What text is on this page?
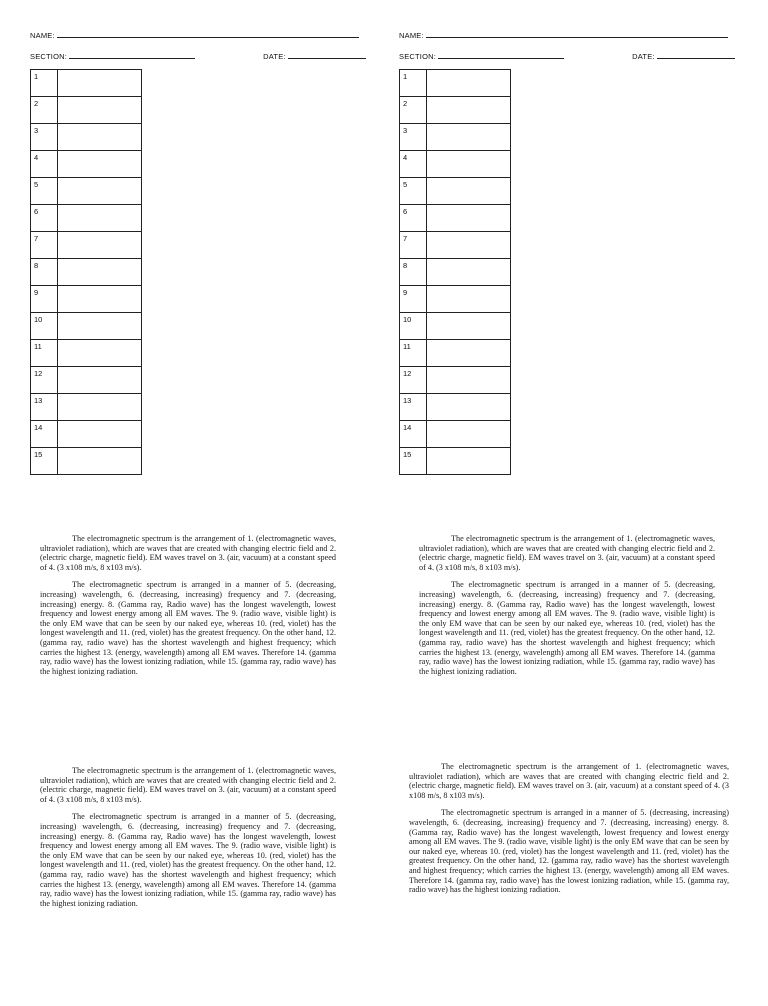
NAME:
SECTION:	DATE:
1	
2	
3	
4	
5	
6	
7	
8	
9	
10	
11	
12	
13	
14	
15	

The electromagnetic spectrum is the arrangement of 1. (electromagnetic waves, ultraviolet radiation), which are waves that are created with changing electric field and 2. (electric charge, magnetic field). EM waves travel on 3. (air, vacuum) at a constant speed of 4. (3 x108 m/s, 8 x103 m/s).

The electromagnetic spectrum is arranged in a manner of 5. (decreasing, increasing) wavelength, 6. (decreasing, increasing) frequency and 7. (decreasing, increasing) energy. 8. (Gamma ray, Radio wave) has the longest wavelength, lowest frequency and lowest energy among all EM waves. The 9. (radio wave, visible light) is the only EM wave that can be seen by our naked eye, whereas 10. (red, violet) has the longest wavelength and 11. (red, violet) has the greatest frequency. On the other hand, 12. (gamma ray, radio wave) has the shortest wavelength and highest frequency; which carries the highest 13. (energy, wavelength) among all EM waves. Therefore 14. (gamma ray, radio wave) has the lowest ionizing radiation, while 15. (gamma ray, radio wave) has the highest ionizing radiation.

The electromagnetic spectrum is the arrangement of 1. (electromagnetic waves, ultraviolet radiation), which are waves that are created with changing electric field and 2. (electric charge, magnetic field). EM waves travel on 3. (air, vacuum) at a constant speed of 4. (3 x108 m/s, 8 x103 m/s).

The electromagnetic spectrum is arranged in a manner of 5. (decreasing, increasing) wavelength, 6. (decreasing, increasing) frequency and 7. (decreasing, increasing) energy. 8. (Gamma ray, Radio wave) has the longest wavelength, lowest frequency and lowest energy among all EM waves. The 9. (radio wave, visible light) is the only EM wave that can be seen by our naked eye, whereas 10. (red, violet) has the longest wavelength and 11. (red, violet) has the greatest frequency. On the other hand, 12. (gamma ray, radio wave) has the shortest wavelength and highest frequency; which carries the highest 13. (energy, wavelength) among all EM waves. Therefore 14. (gamma ray, radio wave) has the lowest ionizing radiation, while 15. (gamma ray, radio wave) has the highest ionizing radiation.

NAME:
SECTION:	DATE:
1	
2	
3	
4	
5	
6	
7	
8	
9	
10	
11	
12	
13	
14	
15	

The electromagnetic spectrum is the arrangement of 1. (electromagnetic waves, ultraviolet radiation), which are waves that are created with changing electric field and 2. (electric charge, magnetic field). EM waves travel on 3. (air, vacuum) at a constant speed of 4. (3 x108 m/s, 8 x103 m/s).

The electromagnetic spectrum is arranged in a manner of 5. (decreasing, increasing) wavelength, 6. (decreasing, increasing) frequency and 7. (decreasing, increasing) energy. 8. (Gamma ray, Radio wave) has the longest wavelength, lowest frequency and lowest energy among all EM waves. The 9. (radio wave, visible light) is the only EM wave that can be seen by our naked eye, whereas 10. (red, violet) has the longest wavelength and 11. (red, violet) has the greatest frequency. On the other hand, 12. (gamma ray, radio wave) has the shortest wavelength and highest frequency; which carries the highest 13. (energy, wavelength) among all EM waves. Therefore 14. (gamma ray, radio wave) has the lowest ionizing radiation, while 15. (gamma ray, radio wave) has the highest ionizing radiation.

The electromagnetic spectrum is the arrangement of 1. (electromagnetic waves, ultraviolet radiation), which are waves that are created with changing electric field and 2. (electric charge, magnetic field). EM waves travel on 3. (air, vacuum) at a constant speed of 4. (3 x108 m/s, 8 x103 m/s).

The electromagnetic spectrum is arranged in a manner of 5. (decreasing, increasing) wavelength, 6. (decreasing, increasing) frequency and 7. (decreasing, increasing) energy. 8. (Gamma ray, Radio wave) has the longest wavelength, lowest frequency and lowest energy among all EM waves. The 9. (radio wave, visible light) is the only EM wave that can be seen by our naked eye, whereas 10. (red, violet) has the longest wavelength and 11. (red, violet) has the greatest frequency. On the other hand, 12. (gamma ray, radio wave) has the shortest wavelength and highest frequency; which carries the highest 13. (energy, wavelength) among all EM waves. Therefore 14. (gamma ray, radio wave) has the lowest ionizing radiation, while 15. (gamma ray, radio wave) has the highest ionizing radiation.
